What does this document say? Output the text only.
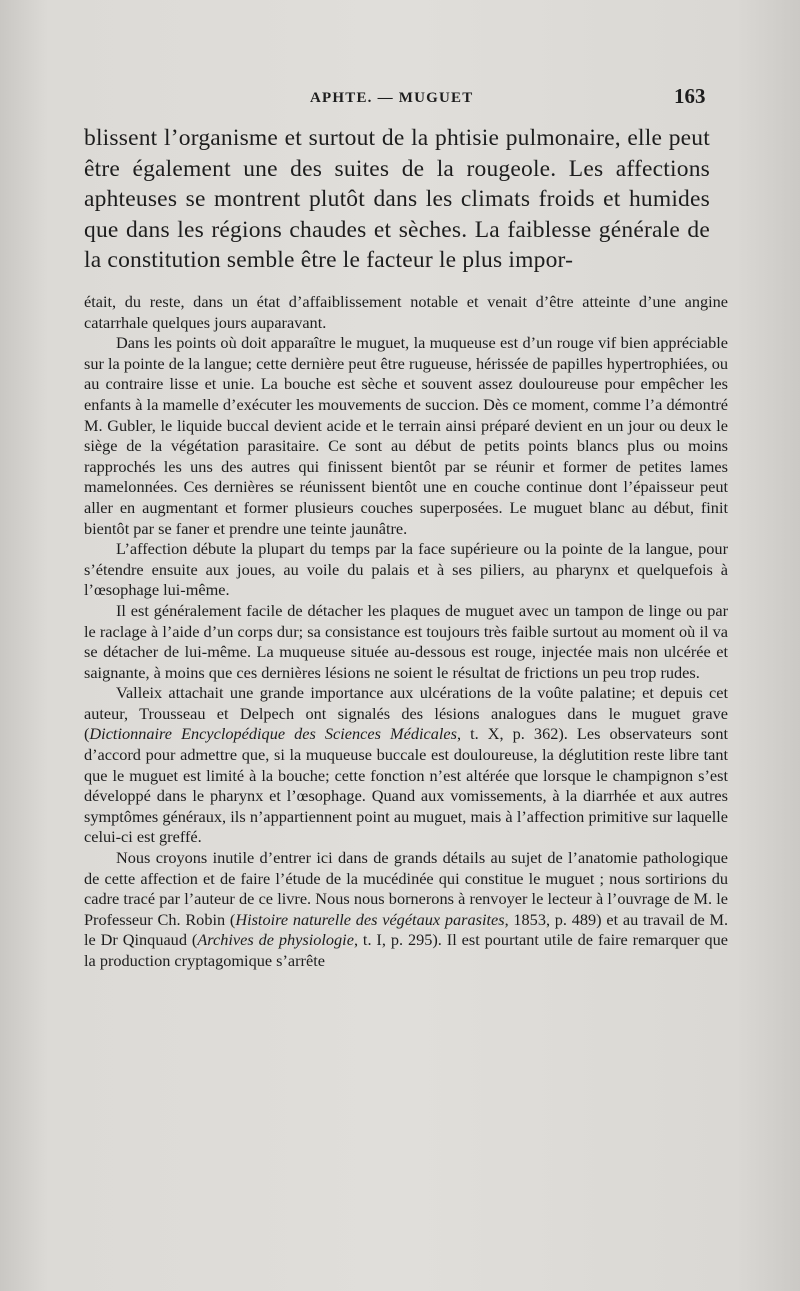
APHTE. — MUGUET	163

blissent l’organisme et surtout de la phtisie pulmonaire, elle peut être également une des suites de la rougeole. Les affections aphteuses se montrent plutôt dans les climats froids et humides que dans les régions chaudes et sèches. La faiblesse générale de la constitution semble être le facteur le plus impor-

était, du reste, dans un état d’affaiblissement notable et venait d’être atteinte d’une angine catarrhale quelques jours auparavant.

Dans les points où doit apparaître le muguet, la muqueuse est d’un rouge vif bien appréciable sur la pointe de la langue; cette dernière peut être rugueuse, hérissée de papilles hypertrophiées, ou au contraire lisse et unie. La bouche est sèche et souvent assez douloureuse pour empêcher les enfants à la mamelle d’exécuter les mouvements de succion. Dès ce moment, comme l’a démontré M. Gubler, le liquide buccal devient acide et le terrain ainsi préparé devient en un jour ou deux le siège de la végétation parasitaire. Ce sont au début de petits points blancs plus ou moins rapprochés les uns des autres qui finissent bientôt par se réunir et former de petites lames mamelonnées. Ces dernières se réunissent bientôt une en couche continue dont l’épaisseur peut aller en augmentant et former plusieurs couches superposées. Le muguet blanc au début, finit bientôt par se faner et prendre une teinte jaunâtre.

L’affection débute la plupart du temps par la face supérieure ou la pointe de la langue, pour s’étendre ensuite aux joues, au voile du palais et à ses piliers, au pharynx et quelquefois à l’œsophage lui-même.

Il est généralement facile de détacher les plaques de muguet avec un tampon de linge ou par le raclage à l’aide d’un corps dur; sa consistance est toujours très faible surtout au moment où il va se détacher de lui-même. La muqueuse située au-dessous est rouge, injectée mais non ulcérée et saignante, à moins que ces dernières lésions ne soient le résultat de frictions un peu trop rudes.

Valleix attachait une grande importance aux ulcérations de la voûte palatine; et depuis cet auteur, Trousseau et Delpech ont signalés des lésions analogues dans le muguet grave (Dictionnaire Encyclopédique des Sciences Médicales, t. X, p. 362). Les observateurs sont d’accord pour admettre que, si la muqueuse buccale est douloureuse, la déglutition reste libre tant que le muguet est limité à la bouche; cette fonction n’est altérée que lorsque le champignon s’est développé dans le pharynx et l’œsophage. Quand aux vomissements, à la diarrhée et aux autres symptômes généraux, ils n’appartiennent point au muguet, mais à l’affection primitive sur laquelle celui-ci est greffé.

Nous croyons inutile d’entrer ici dans de grands détails au sujet de l’anatomie pathologique de cette affection et de faire l’étude de la mucédinée qui constitue le muguet ; nous sortirions du cadre tracé par l’auteur de ce livre. Nous nous bornerons à renvoyer le lecteur à l’ouvrage de M. le Professeur Ch. Robin (Histoire naturelle des végétaux parasites, 1853, p. 489) et au travail de M. le Dr Qinquaud (Archives de physiologie, t. I, p. 295). Il est pourtant utile de faire remarquer que la production cryptagomique s’arrête
